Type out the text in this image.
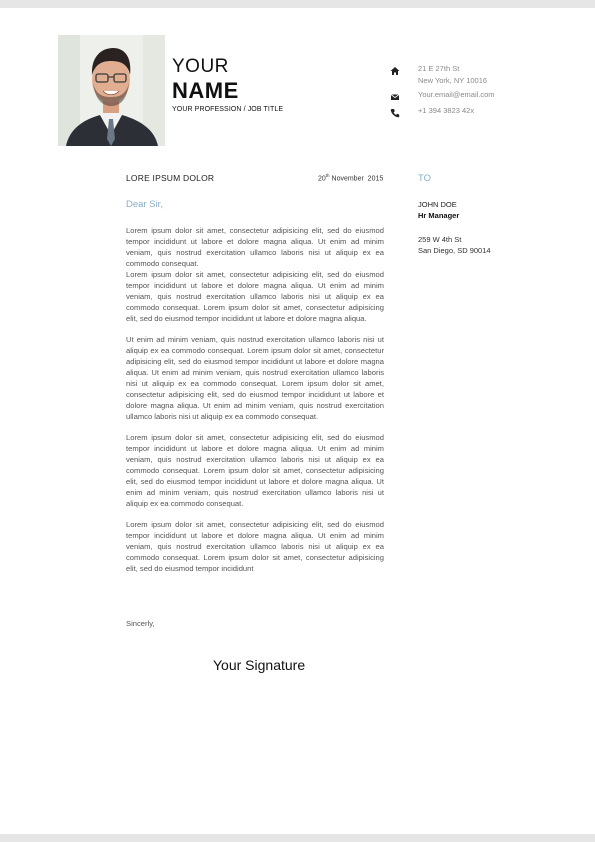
YOUR
NAME
YOUR PROFESSION / JOB TITLE
21 E 27th St
New York, NY 10016
Your.email@email.com
+1 394 3823 42x
LORE IPSUM DOLOR	20th November  2015	TO
JOHN DOE
Hr Manager
259 W 4th St
San Diego, SD 90014
Dear Sir,

Lorem ipsum dolor sit amet, consectetur adipisicing elit, sed do eiusmod tempor incididunt ut labore et dolore magna aliqua. Ut enim ad minim veniam, quis nostrud exercitation ullamco laboris nisi ut aliquip ex ea commodo consequat.

Lorem ipsum dolor sit amet, consectetur adipisicing elit, sed do eiusmod tempor incididunt ut labore et dolore magna aliqua. Ut enim ad minim veniam, quis nostrud exercitation ullamco laboris nisi ut aliquip ex ea commodo consequat. Lorem ipsum dolor sit amet, consectetur adipisicing elit, sed do eiusmod tempor incididunt ut labore et dolore magna aliqua.

Ut enim ad minim veniam, quis nostrud exercitation ullamco laboris nisi ut aliquip ex ea commodo consequat. Lorem ipsum dolor sit amet, consectetur adipisicing elit, sed do eiusmod tempor incididunt ut labore et dolore magna aliqua. Ut enim ad minim veniam, quis nostrud exercitation ullamco laboris nisi ut aliquip ex ea commodo consequat. Lorem ipsum dolor sit amet, consectetur adipisicing elit, sed do eiusmod tempor incididunt ut labore et dolore magna aliqua. Ut enim ad minim veniam, quis nostrud exercitation ullamco laboris nisi ut aliquip ex ea commodo consequat.

Lorem ipsum dolor sit amet, consectetur adipisicing elit, sed do eiusmod tempor incididunt ut labore et dolore magna aliqua. Ut enim ad minim veniam, quis nostrud exercitation ullamco laboris nisi ut aliquip ex ea commodo consequat. Lorem ipsum dolor sit amet, consectetur adipisicing elit, sed do eiusmod tempor incididunt ut labore et dolore magna aliqua. Ut enim ad minim veniam, quis nostrud exercitation ullamco laboris nisi ut aliquip ex ea commodo consequat.

Lorem ipsum dolor sit amet, consectetur adipisicing elit, sed do eiusmod tempor incididunt ut labore et dolore magna aliqua. Ut enim ad minim veniam, quis nostrud exercitation ullamco laboris nisi ut aliquip ex ea commodo consequat. Lorem ipsum dolor sit amet, consectetur adipisicing elit, sed do eiusmod tempor incididunt

Sincerly,
Your Signature
